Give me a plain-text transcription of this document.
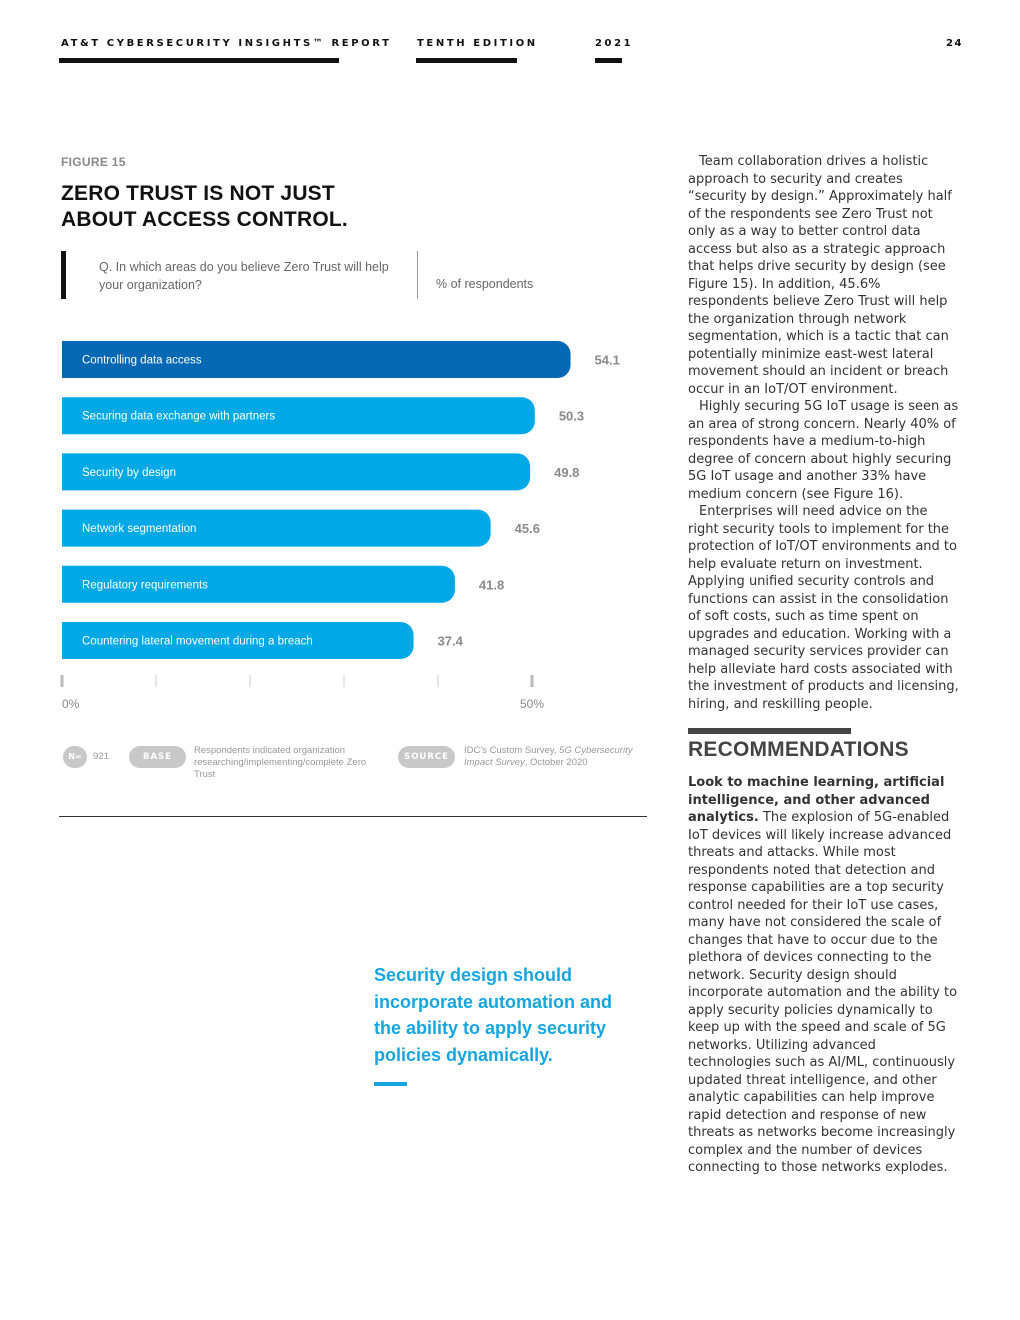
AT&T CYBERSECURITY INSIGHTS™ REPORT	TENTH EDITION	2021	24
FIGURE 15
ZERO TRUST IS NOT JUST ABOUT ACCESS CONTROL.
Q. In which areas do you believe Zero Trust will help your organization?	% of respondents
Controlling data access	54.1
Securing data exchange with partners	50.3
Security by design	49.8
Network segmentation	45.6
Regulatory requirements	41.8
Countering lateral movement during a breach	37.4
0%	50%
N=	921	BASE
Respondents indicated organization researching/implementing/complete Zero Trust
SOURCE
IDC's Custom Survey, 5G Cybersecurity Impact Survey, October 2020
Security design should incorporate automation and the ability to apply security policies dynamically.

Team collaboration drives a holistic approach to security and creates “security by design.” Approximately half of the respondents see Zero Trust not only as a way to better control data access but also as a strategic approach that helps drive security by design (see Figure 15). In addition, 45.6% respondents believe Zero Trust will help the organization through network segmentation, which is a tactic that can potentially minimize east-west lateral movement should an incident or breach occur in an IoT/OT environment.

Highly securing 5G IoT usage is seen as an area of strong concern. Nearly 40% of respondents have a medium-to-high degree of concern about highly securing 5G IoT usage and another 33% have medium concern (see Figure 16).

Enterprises will need advice on the right security tools to implement for the protection of IoT/OT environments and to help evaluate return on investment. Applying unified security controls and functions can assist in the consolidation of soft costs, such as time spent on upgrades and education. Working with a managed security services provider can help alleviate hard costs associated with the investment of products and licensing, hiring, and reskilling people.

RECOMMENDATIONS

Look to machine learning, artificial intelligence, and other advanced analytics. The explosion of 5G-enabled IoT devices will likely increase advanced threats and attacks. While most respondents noted that detection and response capabilities are a top security control needed for their IoT use cases, many have not considered the scale of changes that have to occur due to the plethora of devices connecting to the network. Security design should incorporate automation and the ability to apply security policies dynamically to keep up with the speed and scale of 5G networks. Utilizing advanced technologies such as AI/ML, continuously updated threat intelligence, and other analytic capabilities can help improve rapid detection and response of new threats as networks become increasingly complex and the number of devices connecting to those networks explodes.
